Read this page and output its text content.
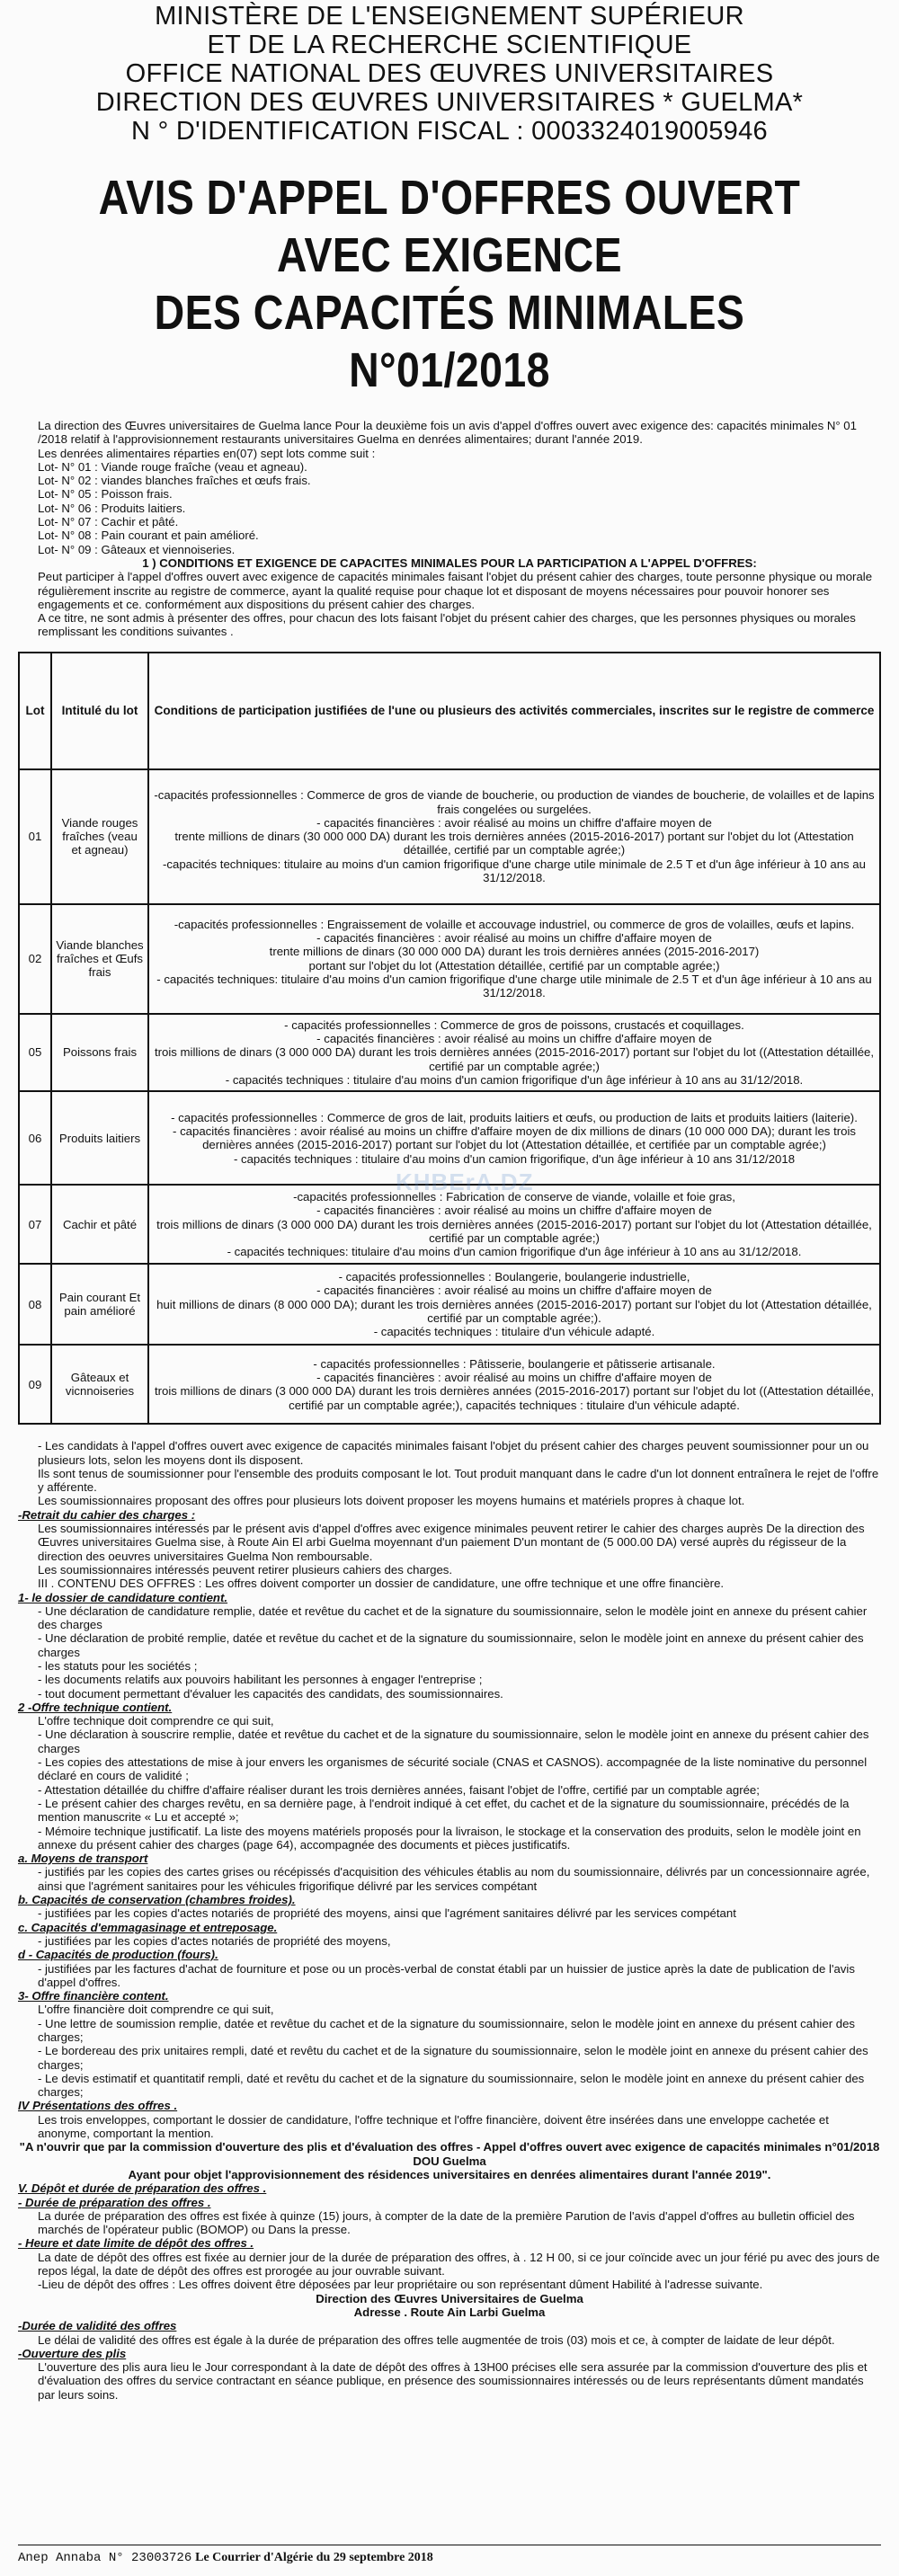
MINISTÈRE DE L'ENSEIGNEMENT SUPÉRIEUR
ET DE LA RECHERCHE SCIENTIFIQUE
OFFICE NATIONAL DES ŒUVRES UNIVERSITAIRES
DIRECTION DES ŒUVRES UNIVERSITAIRES * GUELMA*
N ° D'IDENTIFICATION FISCAL : 0003324019005946
AVIS D'APPEL D'OFFRES OUVERT AVEC EXIGENCE
DES CAPACITÉS MINIMALES N°01/2018

La direction des Œuvres universitaires de Guelma lance Pour la deuxième fois un avis d'appel d'offres ouvert avec exigence des: capacités minimales N° 01 /2018 relatif à l'approvisionnement restaurants universitaires Guelma en denrées alimentaires; durant l'année 2019.

Les denrées alimentaires réparties en(07) sept lots comme suit :

Lot- N° 01 : Viande rouge fraîche (veau et agneau).

Lot- N° 02 : viandes blanches fraîches et œufs frais.

Lot- N° 05 : Poisson frais.

Lot- N° 06 : Produits laitiers.

Lot- N° 07 : Cachir et pâté.

Lot- N° 08 : Pain courant et pain amélioré.

Lot- N° 09 : Gâteaux et viennoiseries.

1 ) CONDITIONS ET EXIGENCE DE CAPACITES MINIMALES POUR LA PARTICIPATION A L'APPEL D'OFFRES:

Peut participer à l'appel d'offres ouvert avec exigence de capacités minimales faisant l'objet du présent cahier des charges, toute personne physique ou morale régulièrement inscrite au registre de commerce, ayant la qualité requise pour chaque lot et disposant de moyens nécessaires pour pouvoir honorer ses engagements et ce. conformément aux dispositions du présent cahier des charges.

A ce titre, ne sont admis à présenter des offres, pour chacun des lots faisant l'objet du présent cahier des charges, que les personnes physiques ou morales remplissant les conditions suivantes .

Lot	Intitulé du lot	Conditions de participation justifiées de l'une ou plusieurs des activités commerciales, inscrites sur le registre de commerce
01	Viande rouges fraîches (veau et agneau)	-capacités professionnelles : Commerce de gros de viande de boucherie, ou production de viandes de boucherie, de volailles et de lapins frais congelées ou surgelées.

- capacités financières : avoir réalisé au moins un chiffre d'affaire moyen de

trente millions de dinars (30 000 000 DA) durant les trois dernières années (2015-2016-2017) portant sur l'objet du lot (Attestation détaillée, certifié par un comptable agrée;)

-capacités techniques: titulaire au moins d'un camion frigorifique d'une charge utile minimale de 2.5 T et d'un âge inférieur à 10 ans au 31/12/2018.

02	Viande blanches fraîches et Œufs frais	-capacités professionnelles : Engraissement de volaille et accouvage industriel, ou commerce de gros de volailles, œufs et lapins.

- capacités financières : avoir réalisé au moins un chiffre d'affaire moyen de

trente millions de dinars (30 000 000 DA) durant les trois dernières années (2015-2016-2017)

portant sur l'objet du lot (Attestation détaillée, certifié par un comptable agrée;)

- capacités techniques: titulaire d'au moins d'un camion frigorifique d'une charge utile minimale de 2.5 T et d'un âge inférieur à 10 ans au 31/12/2018.

05	Poissons frais	- capacités professionnelles : Commerce de gros de poissons, crustacés et coquillages.

- capacités financières : avoir réalisé au moins un chiffre d'affaire moyen de

trois millions de dinars (3 000 000 DA) durant les trois dernières années (2015-2016-2017) portant sur l'objet du lot ((Attestation détaillée, certifié par un comptable agrée;)

- capacités techniques : titulaire d'au moins d'un camion frigorifique d'un âge inférieur à 10 ans au 31/12/2018.

06	Produits laitiers	- capacités professionnelles : Commerce de gros de lait, produits laitiers et œufs, ou production de laits et produits laitiers (laiterie).

- capacités financières : avoir réalisé au moins un chiffre d'affaire moyen de dix millions de dinars (10 000 000 DA); durant les trois dernières années (2015-2016-2017) portant sur l'objet du lot (Attestation détaillée, et certifiée par un comptable agrée;)

- capacités techniques : titulaire d'au moins d'un camion frigorifique, d'un âge inférieur à 10 ans 31/12/2018

07	Cachir et pâté	-capacités professionnelles : Fabrication de conserve de viande, volaille et foie gras,

- capacités financières : avoir réalisé au moins un chiffre d'affaire moyen de

trois millions de dinars (3 000 000 DA) durant les trois dernières années (2015-2016-2017) portant sur l'objet du lot (Attestation détaillée, certifié par un comptable agrée;)

- capacités techniques: titulaire d'au moins d'un camion frigorifique d'un âge inférieur à 10 ans au 31/12/2018.

08	Pain courant Et pain amélioré	- capacités professionnelles : Boulangerie, boulangerie industrielle,

- capacités financières : avoir réalisé au moins un chiffre d'affaire moyen de

huit millions de dinars (8 000 000 DA); durant les trois dernières années (2015-2016-2017) portant sur l'objet du lot (Attestation détaillée, certifié par un comptable agrée;).

- capacités techniques : titulaire d'un véhicule adapté.

09	Gâteaux et vicnnoiseries	- capacités professionnelles : Pâtisserie, boulangerie et pâtisserie artisanale.

- capacités financières : avoir réalisé au moins un chiffre d'affaire moyen de

trois millions de dinars (3 000 000 DA) durant les trois dernières années (2015-2016-2017) portant sur l'objet du lot ((Attestation détaillée, certifié par un comptable agrée;), capacités techniques : titulaire d'un véhicule adapté.

- Les candidats à l'appel d'offres ouvert avec exigence de capacités minimales faisant l'objet du présent cahier des charges peuvent soumissionner pour un ou plusieurs lots, selon les moyens dont ils disposent.

Ils sont tenus de soumissionner pour l'ensemble des produits composant le lot. Tout produit manquant dans le cadre d'un lot donnent entraînera le rejet de l'offre y afférente.

Les soumissionnaires proposant des offres pour plusieurs lots doivent proposer les moyens humains et matériels propres à chaque lot.

-Retrait du cahier des charges :

Les soumissionnaires intéressés par le présent avis d'appel d'offres avec exigence minimales peuvent retirer le cahier des charges auprès De la direction des Œuvres universitaires Guelma sise, à Route Ain El arbi Guelma moyennant d'un paiement D'un montant de (5 000.00 DA) versé auprès du régisseur de la direction des oeuvres universitaires Guelma Non remboursable.

Les soumissionnaires intéressés peuvent retirer plusieurs cahiers des charges.

III . CONTENU DES OFFRES : Les offres doivent comporter un dossier de candidature, une offre technique et une offre financière.

1- le dossier de candidature contient.

- Une déclaration de candidature remplie, datée et revêtue du cachet et de la signature du soumissionnaire, selon le modèle joint en annexe du présent cahier des charges

- Une déclaration de probité remplie, datée et revêtue du cachet et de la signature du soumissionnaire, selon le modèle joint en annexe du présent cahier des charges

- les statuts pour les sociétés ;

- les documents relatifs aux pouvoirs habilitant les personnes à engager l'entreprise ;

- tout document permettant d'évaluer les capacités des candidats, des soumissionnaires.

2 -Offre technique contient.

L'offre technique doit comprendre ce qui suit,

- Une déclaration à souscrire remplie, datée et revêtue du cachet et de la signature du soumissionnaire, selon le modèle joint en annexe du présent cahier des charges

- Les copies des attestations de mise à jour envers les organismes de sécurité sociale (CNAS et CASNOS). accompagnée de la liste nominative du personnel déclaré en cours de validité ;

- Attestation détaillée du chiffre d'affaire réaliser durant les trois dernières années, faisant l'objet de l'offre, certifié par un comptable agrée;

- Le présent cahier des charges revêtu, en sa dernière page, à l'endroit indiqué à cet effet, du cachet et de la signature du soumissionnaire, précédés de la mention manuscrite « Lu et accepté »;

- Mémoire technique justificatif. La liste des moyens matériels proposés pour la livraison, le stockage et la conservation des produits, selon le modèle joint en annexe du présent cahier des charges (page 64), accompagnée des documents et pièces justificatifs.

a. Moyens de transport

- justifiés par les copies des cartes grises ou récépissés d'acquisition des véhicules établis au nom du soumissionnaire, délivrés par un concessionnaire agrée, ainsi que l'agrément sanitaires pour les véhicules frigorifique délivré par les services compétant

b. Capacités de conservation (chambres froides).

- justifiées par les copies d'actes notariés de propriété des moyens, ainsi que l'agrément sanitaires délivré par les services compétant

c. Capacités d'emmagasinage et entreposage.

- justifiées par les copies d'actes notariés de propriété des moyens,

d - Capacités de production (fours).

- justifiées par les factures d'achat de fourniture et pose ou un procès-verbal de constat établi par un huissier de justice après la date de publication de l'avis d'appel d'offres.

3- Offre financière content.

L'offre financière doit comprendre ce qui suit,

- Une lettre de soumission remplie, datée et revêtue du cachet et de la signature du soumissionnaire, selon le modèle joint en annexe du présent cahier des charges;

- Le bordereau des prix unitaires rempli, daté et revêtu du cachet et de la signature du soumissionnaire, selon le modèle joint en annexe du présent cahier des charges;

- Le devis estimatif et quantitatif rempli, daté et revêtu du cachet et de la signature du soumissionnaire, selon le modèle joint en annexe du présent cahier des charges;

IV Présentations des offres .

Les trois enveloppes, comportant le dossier de candidature, l'offre technique et l'offre financière, doivent être insérées dans une enveloppe cachetée et anonyme, comportant la mention.

"A n'ouvrir que par la commission d'ouverture des plis et d'évaluation des offres - Appel d'offres ouvert avec exigence de capacités minimales n°01/2018 DOU Guelma

Ayant pour objet l'approvisionnement des résidences universitaires en denrées alimentaires durant l'année 2019".

V. Dépôt et durée de préparation des offres .

- Durée de préparation des offres .

La durée de préparation des offres est fixée à quinze (15) jours, à compter de la date de la première Parution de l'avis d'appel d'offres au bulletin officiel des marchés de l'opérateur public (BOMOP) ou Dans la presse.

- Heure et date limite de dépôt des offres .

La date de dépôt des offres est fixée au dernier jour de la durée de préparation des offres, à . 12 H 00, si ce jour coïncide avec un jour férié pu avec des jours de repos légal, la date de dépôt des offres est prorogée au jour ouvrable suivant.

-Lieu de dépôt des offres : Les offres doivent être déposées par leur propriétaire ou son représentant dûment Habilité à l'adresse suivante.

Direction des Œuvres Universitaires de Guelma

Adresse . Route Ain Larbi Guelma

-Durée de validité des offres

Le délai de validité des offres est égale à la durée de préparation des offres telle augmentée de trois (03) mois et ce, à compter de laidate de leur dépôt.

-Ouverture des plis

L'ouverture des plis aura lieu le Jour correspondant à la date de dépôt des offres à 13H00 précises elle sera assurée par la commission d'ouverture des plis et d'évaluation des offres du service contractant en séance publique, en présence des soumissionnaires intéressés ou de leurs représentants dûment mandatés par leurs soins.

KHBErA.DZ
Anep Annaba N° 23003726 Le Courrier d'Algérie du 29 septembre 2018
